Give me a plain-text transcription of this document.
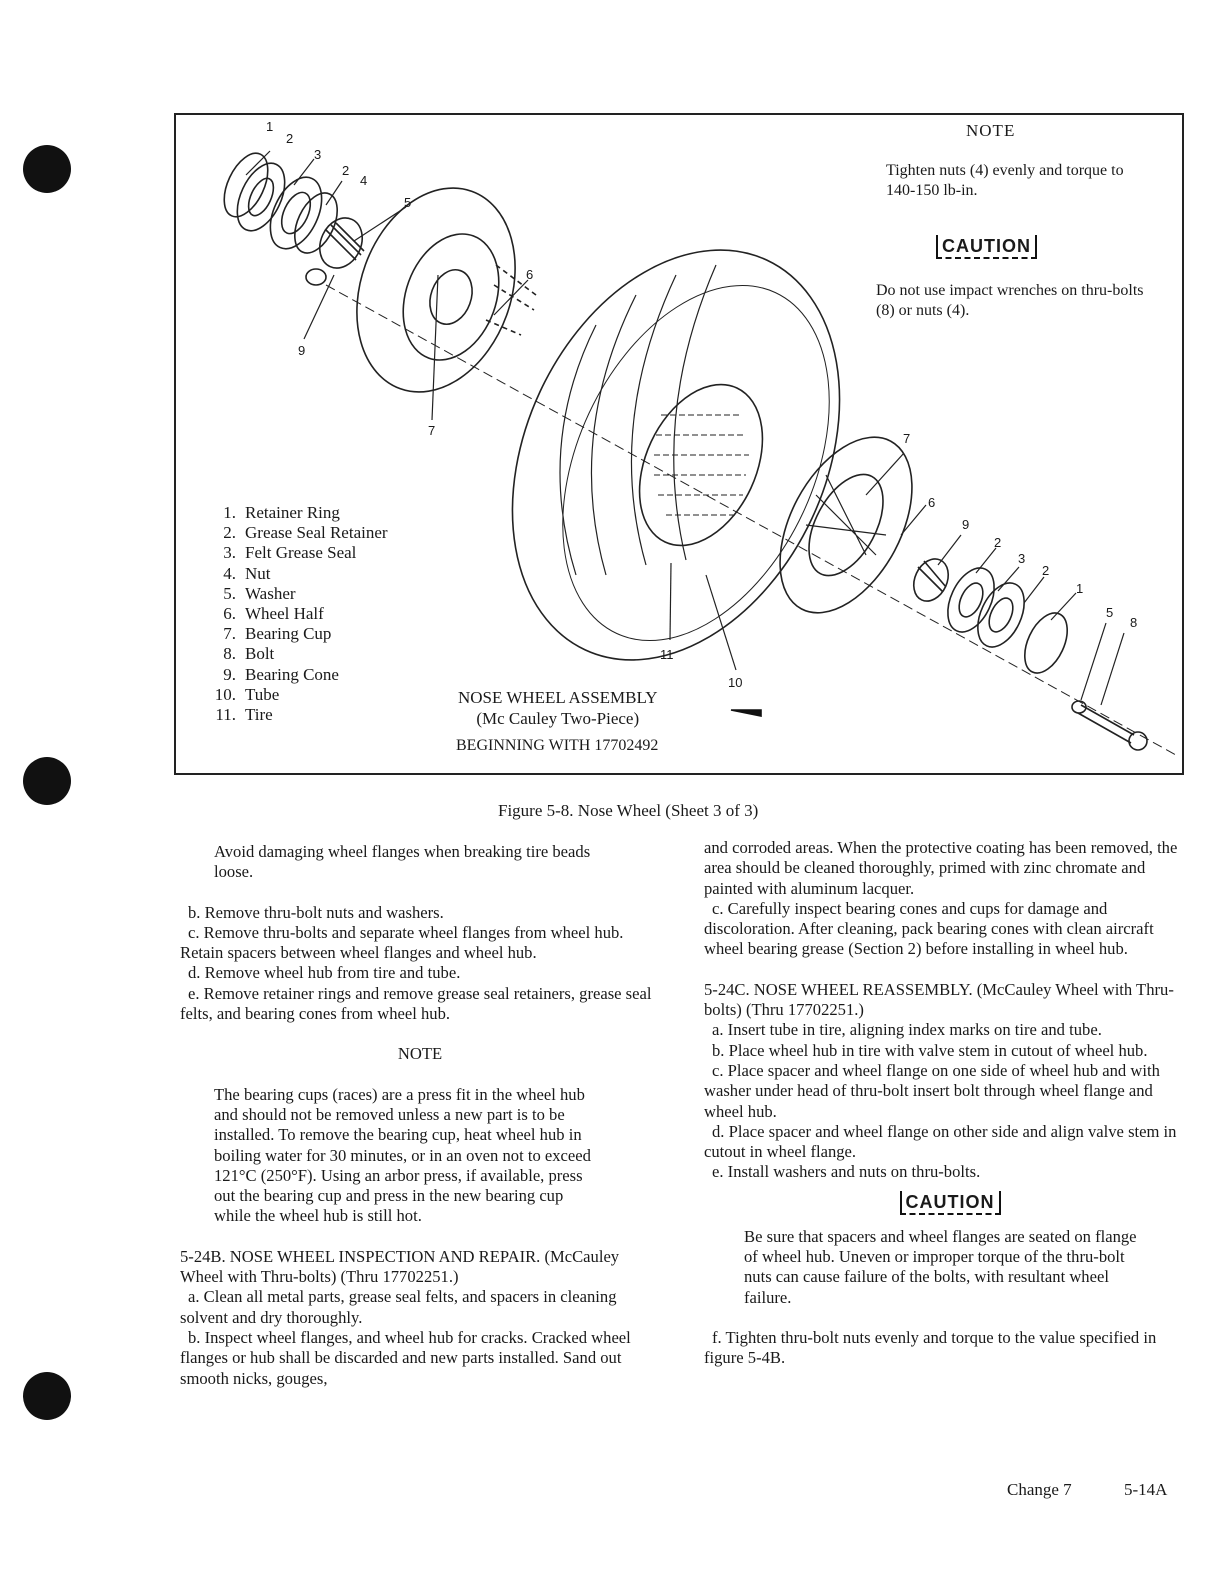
1
2
3
2
4
5
6
9
7
7
6
9
2
3
2
1
5
8
11
10
NOTE
Tighten nuts (4) evenly and torque to 140-150 lb-in.
CAUTION
Do not use impact wrenches on thru-bolts (8) or nuts (4).
1. Retainer Ring
2. Grease Seal Retainer
3. Felt Grease Seal
4. Nut
5. Washer
6. Wheel Half
7. Bearing Cup
8. Bolt
9. Bearing Cone
10. Tube
11. Tire
NOSE WHEEL ASSEMBLY
(Mc Cauley Two-Piece)
BEGINNING WITH 17702492
Figure 5-8. Nose Wheel (Sheet 3 of 3)

Avoid damaging wheel flanges when breaking tire beads loose.

b. Remove thru-bolt nuts and washers.

c. Remove thru-bolts and separate wheel flanges from wheel hub. Retain spacers between wheel flanges and wheel hub.

d. Remove wheel hub from tire and tube.

e. Remove retainer rings and remove grease seal retainers, grease seal felts, and bearing cones from wheel hub.

NOTE

The bearing cups (races) are a press fit in the wheel hub and should not be removed unless a new part is to be installed. To remove the bearing cup, heat wheel hub in boiling water for 30 minutes, or in an oven not to exceed 121°C (250°F). Using an arbor press, if available, press out the bearing cup and press in the new bearing cup while the wheel hub is still hot.

5-24B. NOSE WHEEL INSPECTION AND REPAIR. (McCauley Wheel with Thru-bolts) (Thru 17702251.)

a. Clean all metal parts, grease seal felts, and spacers in cleaning solvent and dry thoroughly.

b. Inspect wheel flanges, and wheel hub for cracks. Cracked wheel flanges or hub shall be discarded and new parts installed. Sand out smooth nicks, gouges,

and corroded areas. When the protective coating has been removed, the area should be cleaned thoroughly, primed with zinc chromate and painted with aluminum lacquer.

c. Carefully inspect bearing cones and cups for damage and discoloration. After cleaning, pack bearing cones with clean aircraft wheel bearing grease (Section 2) before installing in wheel hub.

5-24C. NOSE WHEEL REASSEMBLY. (McCauley Wheel with Thru-bolts) (Thru 17702251.)

a. Insert tube in tire, aligning index marks on tire and tube.

b. Place wheel hub in tire with valve stem in cutout of wheel hub.

c. Place spacer and wheel flange on one side of wheel hub and with washer under head of thru-bolt insert bolt through wheel flange and wheel hub.

d. Place spacer and wheel flange on other side and align valve stem in cutout in wheel flange.

e. Install washers and nuts on thru-bolts.

CAUTION

Be sure that spacers and wheel flanges are seated on flange of wheel hub. Uneven or improper torque of the thru-bolt nuts can cause failure of the bolts, with resultant wheel failure.

f. Tighten thru-bolt nuts evenly and torque to the value specified in figure 5-4B.

Change 7	5-14A
